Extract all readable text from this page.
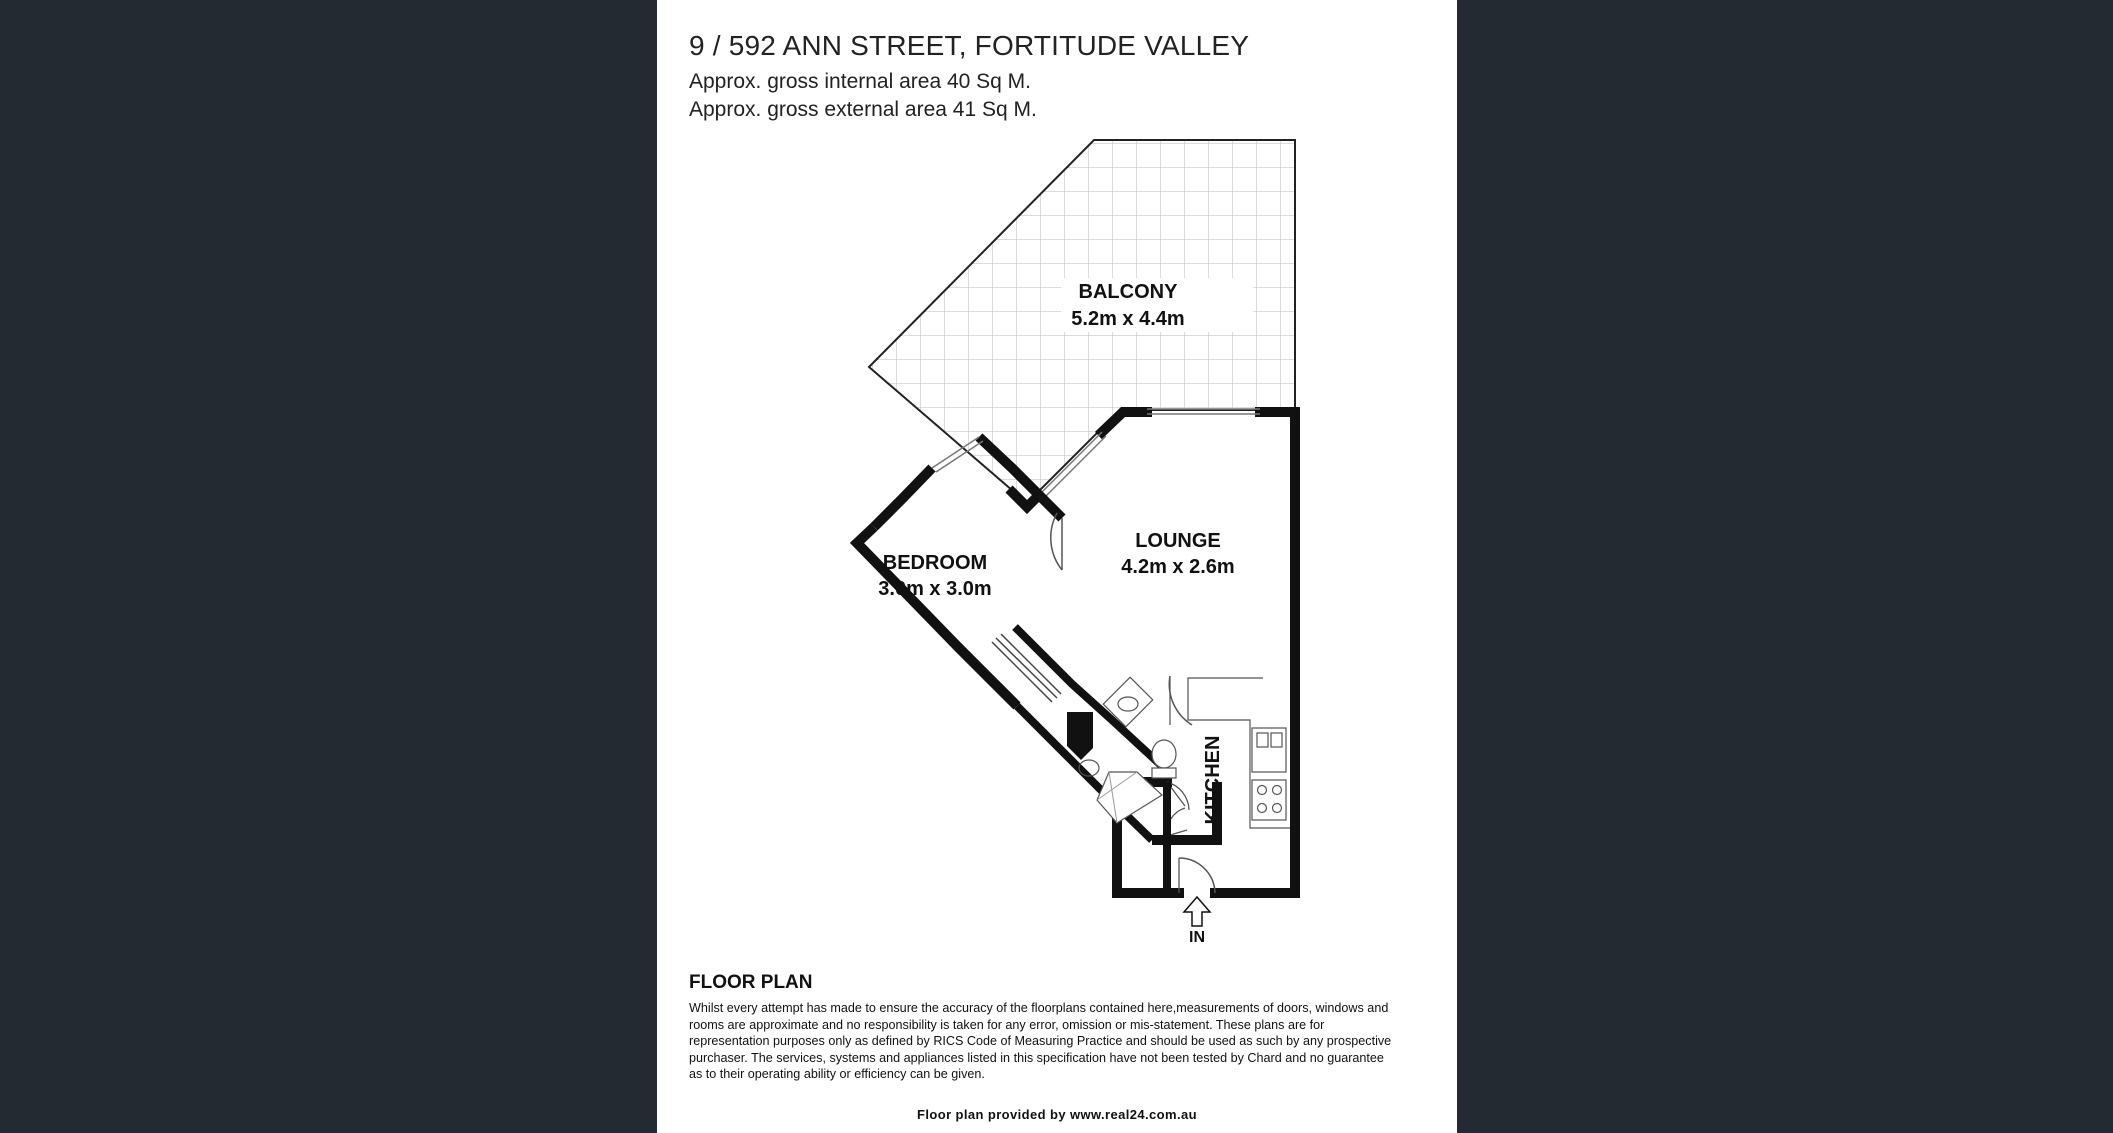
9 / 592 ANN STREET, FORTITUDE VALLEY
Approx. gross internal area 40 Sq M.
Approx. gross external area 41 Sq M.
BALCONY
5.2m x 4.4m
LOUNGE
4.2m x 2.6m
BEDROOM
3.0m x 3.0m
KITCHEN
IN
FLOOR PLAN
Whilst every attempt has made to ensure the accuracy of the floorplans contained here,measurements of doors, windows and rooms are approximate and no responsibility is taken for any error, omission or mis-statement. These plans are for representation purposes only as defined by RICS Code of Measuring Practice and should be used as such by any prospective purchaser. The services, systems and appliances listed in this specification have not been tested by Chard and no guarantee as to their operating ability or efficiency can be given.
Floor plan provided by www.real24.com.au
